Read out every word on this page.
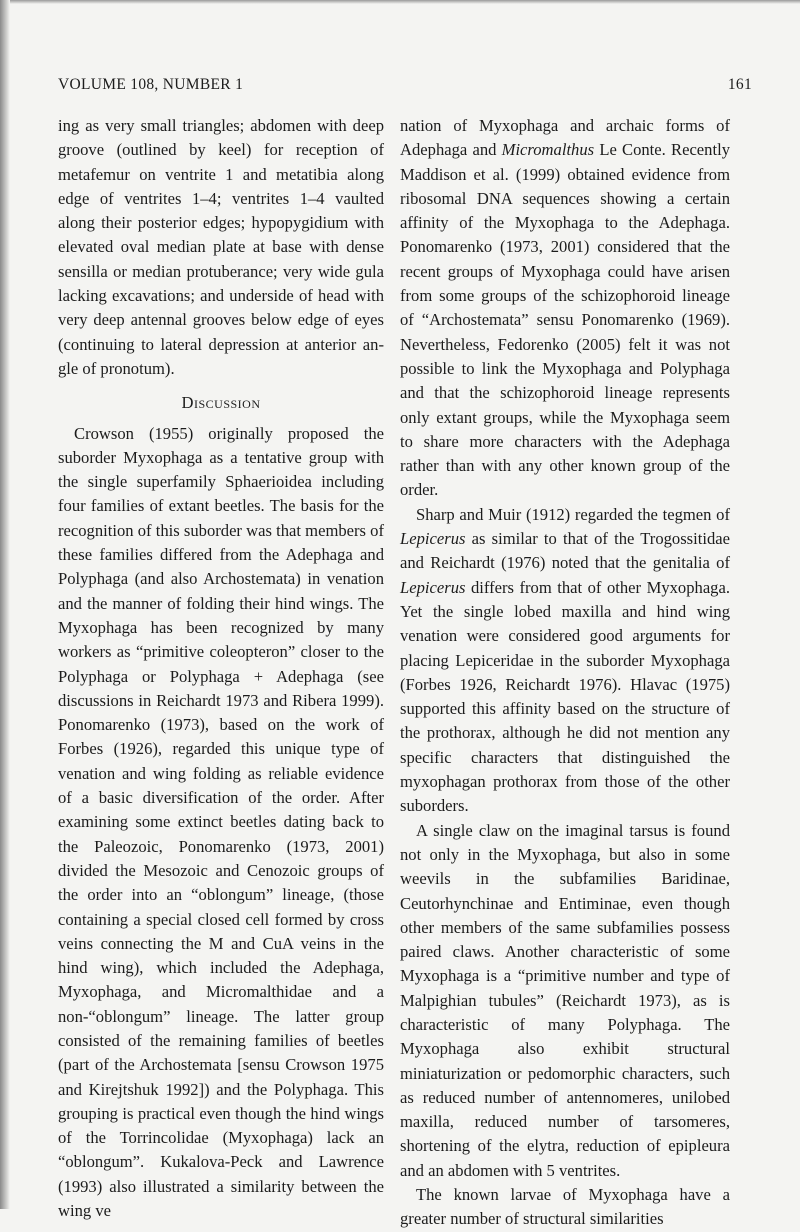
VOLUME 108, NUMBER 1	161

ing as very small triangles; abdomen with deep groove (outlined by keel) for reception of metafemur on ventrite 1 and metatibia along edge of ventrites 1–4; ventrites 1–4 vaulted along their posterior edges; hypopygidium with elevated oval median plate at base with dense sensilla or median protuberance; very wide gula lacking excavations; and underside of head with very deep antennal grooves below edge of eyes (continuing to lateral depression at anterior angle of pronotum).

Discussion

Crowson (1955) originally proposed the suborder Myxophaga as a tentative group with the single superfamily Sphaerioidea including four families of extant beetles. The basis for the recognition of this suborder was that members of these families differed from the Adephaga and Polyphaga (and also Archostemata) in venation and the manner of folding their hind wings. The Myxophaga has been recognized by many workers as “primitive coleopteron” closer to the Polyphaga or Polyphaga + Adephaga (see discussions in Reichardt 1973 and Ribera 1999). Ponomarenko (1973), based on the work of Forbes (1926), regarded this unique type of venation and wing folding as reliable evidence of a basic diversification of the order. After examining some extinct beetles dating back to the Paleozoic, Ponomarenko (1973, 2001) divided the Mesozoic and Cenozoic groups of the order into an “oblongum” lineage, (those containing a special closed cell formed by cross veins connecting the M and CuA veins in the hind wing), which included the Adephaga, Myxophaga, and Micromalthidae and a non-“oblongum” lineage. The latter group consisted of the remaining families of beetles (part of the Archostemata [sensu Crowson 1975 and Kirejtshuk 1992]) and the Polyphaga. This grouping is practical even though the hind wings of the Torrincolidae (Myxophaga) lack an “oblongum”. Kukalova-Peck and Lawrence (1993) also illustrated a similarity between the wing ve

nation of Myxophaga and archaic forms of Adephaga and Micromalthus Le Conte. Recently Maddison et al. (1999) obtained evidence from ribosomal DNA sequences showing a certain affinity of the Myxophaga to the Adephaga. Ponomarenko (1973, 2001) considered that the recent groups of Myxophaga could have arisen from some groups of the schizophoroid lineage of “Archostemata” sensu Ponomarenko (1969). Nevertheless, Fedorenko (2005) felt it was not possible to link the Myxophaga and Polyphaga and that the schizophoroid lineage represents only extant groups, while the Myxophaga seem to share more characters with the Adephaga rather than with any other known group of the order.

Sharp and Muir (1912) regarded the tegmen of Lepicerus as similar to that of the Trogossitidae and Reichardt (1976) noted that the genitalia of Lepicerus differs from that of other Myxophaga. Yet the single lobed maxilla and hind wing venation were considered good arguments for placing Lepiceridae in the suborder Myxophaga (Forbes 1926, Reichardt 1976). Hlavac (1975) supported this affinity based on the structure of the prothorax, although he did not mention any specific characters that distinguished the myxophagan prothorax from those of the other suborders.

A single claw on the imaginal tarsus is found not only in the Myxophaga, but also in some weevils in the subfamilies Baridinae, Ceutorhynchinae and Entiminae, even though other members of the same subfamilies possess paired claws. Another characteristic of some Myxophaga is a “primitive number and type of Malpighian tubules” (Reichardt 1973), as is characteristic of many Polyphaga. The Myxophaga also exhibit structural miniaturization or pedomorphic characters, such as reduced number of antennomeres, unilobed maxilla, reduced number of tarsomeres, shortening of the elytra, reduction of epipleura and an abdomen with 5 ventrites.

The known larvae of Myxophaga have a greater number of structural similarities
